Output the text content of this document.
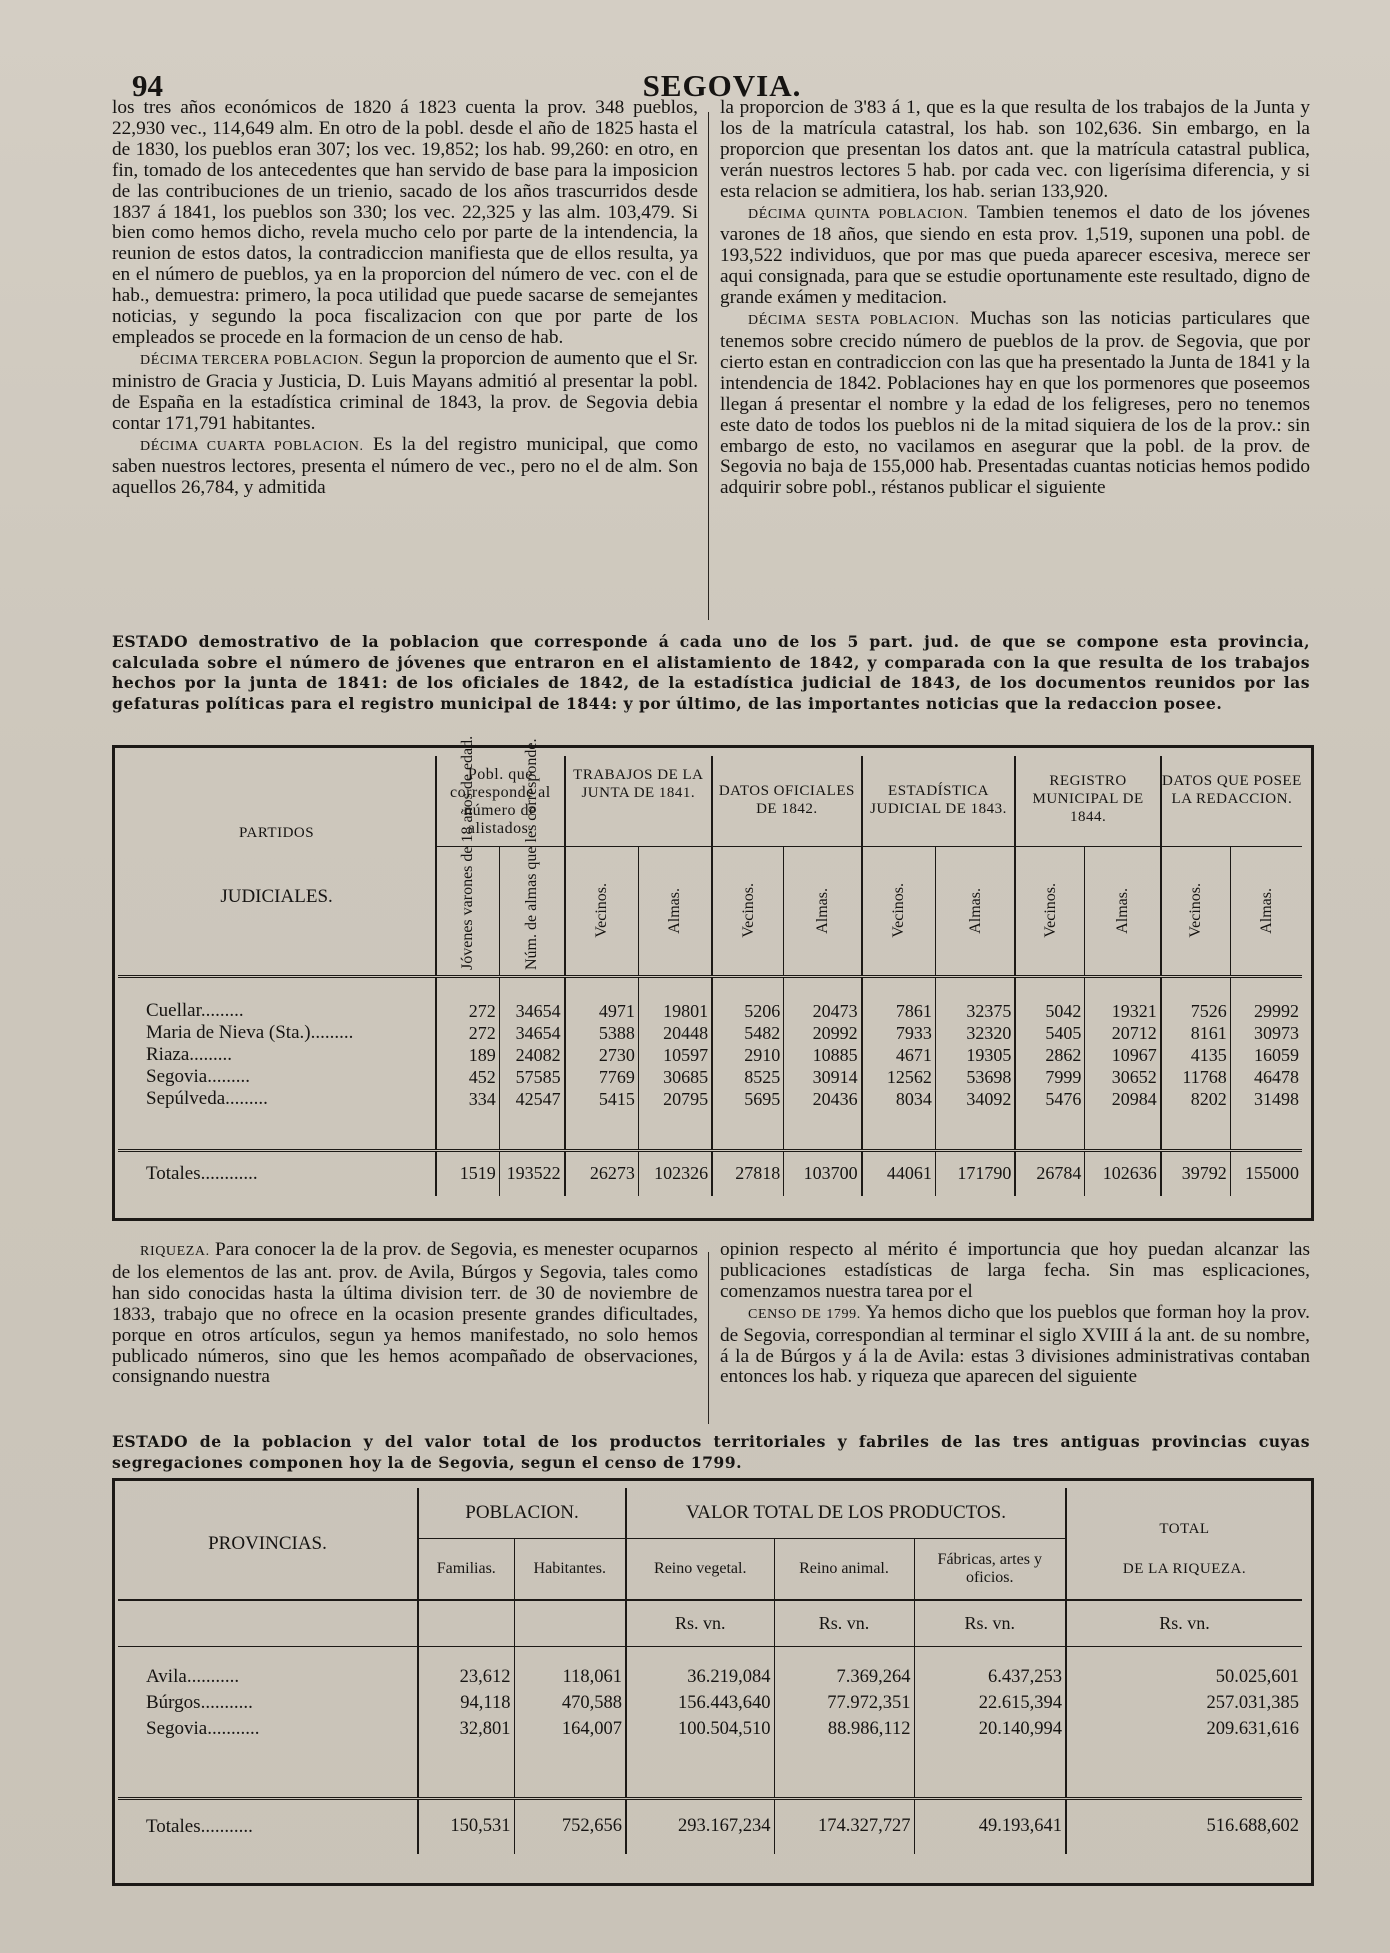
94	SEGOVIA.

los tres años económicos de 1820 á 1823 cuenta la prov. 348 pueblos, 22,930 vec., 114,649 alm. En otro de la pobl. desde el año de 1825 hasta el de 1830, los pueblos eran 307; los vec. 19,852; los hab. 99,260: en otro, en fin, tomado de los antecedentes que han servido de base para la imposicion de las contribuciones de un trienio, sacado de los años trascurridos desde 1837 á 1841, los pueblos son 330; los vec. 22,325 y las alm. 103,479. Si bien como hemos dicho, revela mucho celo por parte de la intendencia, la reunion de estos datos, la contradiccion manifiesta que de ellos resulta, ya en el número de pueblos, ya en la proporcion del número de vec. con el de hab., demuestra: primero, la poca utilidad que puede sacarse de semejantes noticias, y segundo la poca fiscalizacion con que por parte de los empleados se procede en la formacion de un censo de hab.

DÉCIMA TERCERA POBLACION. Segun la proporcion de aumento que el Sr. ministro de Gracia y Justicia, D. Luis Mayans admitió al presentar la pobl. de España en la estadística criminal de 1843, la prov. de Segovia debia contar 171,791 habitantes.

DÉCIMA CUARTA POBLACION. Es la del registro municipal, que como saben nuestros lectores, presenta el número de vec., pero no el de alm. Son aquellos 26,784, y admitida

la proporcion de 3'83 á 1, que es la que resulta de los trabajos de la Junta y los de la matrícula catastral, los hab. son 102,636. Sin embargo, en la proporcion que presentan los datos ant. que la matrícula catastral publica, verán nuestros lectores 5 hab. por cada vec. con ligerísima diferencia, y si esta relacion se admitiera, los hab. serian 133,920.

DÉCIMA QUINTA POBLACION. Tambien tenemos el dato de los jóvenes varones de 18 años, que siendo en esta prov. 1,519, suponen una pobl. de 193,522 individuos, que por mas que pueda aparecer escesiva, merece ser aqui consignada, para que se estudie oportunamente este resultado, digno de grande exámen y meditacion.

DÉCIMA SESTA POBLACION. Muchas son las noticias particulares que tenemos sobre crecido número de pueblos de la prov. de Segovia, que por cierto estan en contradiccion con las que ha presentado la Junta de 1841 y la intendencia de 1842. Poblaciones hay en que los pormenores que poseemos llegan á presentar el nombre y la edad de los feligreses, pero no tenemos este dato de todos los pueblos ni de la mitad siquiera de los de la prov.: sin embargo de esto, no vacilamos en asegurar que la pobl. de la prov. de Segovia no baja de 155,000 hab. Presentadas cuantas noticias hemos podido adquirir sobre pobl., réstanos publicar el siguiente

ESTADO demostrativo de la poblacion que corresponde á cada uno de los 5 part. jud. de que se compone esta provincia, calculada sobre el número de jóvenes que entraron en el alistamiento de 1842, y comparada con la que resulta de los trabajos hechos por la junta de 1841: de los oficiales de 1842, de la estadística judicial de 1843, de los documentos reunidos por las gefaturas políticas para el registro municipal de 1844: y por último, de las importantes noticias que la redaccion posee.

PARTIDOS
JUDICIALES.	Pobl. que corresponde al número de alistados.		TRABAJOS DE LA JUNTA DE 1841.		DATOS OFICIALES DE 1842.		ESTADÍSTICA JUDICIAL DE 1843.		REGISTRO MUNICIPAL DE 1844.		DATOS QUE POSEE LA REDACCION.	

	Jóvenes varones de 18 años de edad.	Núm. de almas que les corresponde.	Vecinos.	Almas.	Vecinos.	Almas.	Vecinos.	Almas.	Vecinos.	Almas.	Vecinos.	Almas.

Cuellar.........	272	34654	4971	19801	5206	20473	7861	32375	5042	19321	7526	29992
Maria de Nieva (Sta.).........	272	34654	5388	20448	5482	20992	7933	32320	5405	20712	8161	30973
Riaza.........	189	24082	2730	10597	2910	10885	4671	19305	2862	10967	4135	16059
Segovia.........	452	57585	7769	30685	8525	30914	12562	53698	7999	30652	11768	46478
Sepúlveda.........	334	42547	5415	20795	5695	20436	8034	34092	5476	20984	8202	31498

Totales............	1519	193522	26273	102326	27818	103700	44061	171790	26784	102636	39792	155000

RIQUEZA. Para conocer la de la prov. de Segovia, es menester ocuparnos de los elementos de las ant. prov. de Avila, Búrgos y Segovia, tales como han sido conocidas hasta la última division terr. de 30 de noviembre de 1833, trabajo que no ofrece en la ocasion presente grandes dificultades, porque en otros artículos, segun ya hemos manifestado, no solo hemos publicado números, sino que les hemos acompañado de observaciones, consignando nuestra

opinion respecto al mérito é importuncia que hoy puedan alcanzar las publicaciones estadísticas de larga fecha. Sin mas esplicaciones, comenzamos nuestra tarea por el

CENSO DE 1799. Ya hemos dicho que los pueblos que forman hoy la prov. de Segovia, correspondian al terminar el siglo XVIII á la ant. de su nombre, á la de Búrgos y á la de Avila: estas 3 divisiones administrativas contaban entonces los hab. y riqueza que aparecen del siguiente

ESTADO de la poblacion y del valor total de los productos territoriales y fabriles de las tres antiguas provincias cuyas segregaciones componen hoy la de Segovia, segun el censo de 1799.

PROVINCIAS.	POBLACION.		VALOR TOTAL DE LOS PRODUCTOS.			TOTAL
	Familias.	Habitantes.	Reino vegetal.	Reino animal.	Fábricas, artes y oficios.	DE LA RIQUEZA.
			Rs. vn.	Rs. vn.	Rs. vn.	Rs. vn.

Avila...........	23,612	118,061	36.219,084	7.369,264	6.437,253	50.025,601
Búrgos...........	94,118	470,588	156.443,640	77.972,351	22.615,394	257.031,385
Segovia...........	32,801	164,007	100.504,510	88.986,112	20.140,994	209.631,616

Totales...........	150,531	752,656	293.167,234	174.327,727	49.193,641	516.688,602
